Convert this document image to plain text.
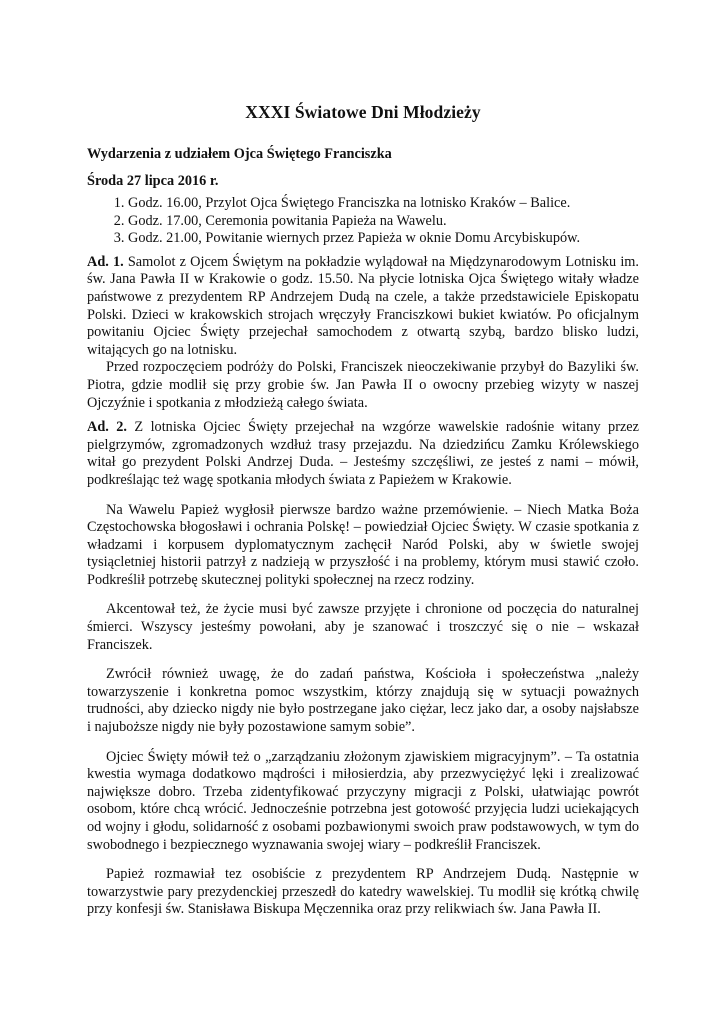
XXXI Światowe Dni Młodzieży
Wydarzenia z udziałem Ojca Świętego Franciszka
Środa 27 lipca 2016 r.
1. Godz. 16.00, Przylot Ojca Świętego Franciszka na lotnisko Kraków – Balice.
2. Godz. 17.00, Ceremonia powitania Papieża na Wawelu.
3. Godz. 21.00, Powitanie wiernych przez Papieża w oknie Domu Arcybiskupów.

Ad. 1. Samolot z Ojcem Świętym na pokładzie wylądował na Międzynarodowym Lotnisku im. św. Jana Pawła II w Krakowie o godz. 15.50. Na płycie lotniska Ojca Świętego witały władze państwowe z prezydentem RP Andrzejem Dudą na czele, a także przedstawiciele Episkopatu Polski. Dzieci w krakowskich strojach wręczyły Franciszkowi bukiet kwiatów. Po oficjalnym powitaniu Ojciec Święty przejechał samochodem z otwartą szybą, bardzo blisko ludzi, witających go na lotnisku.

Przed rozpoczęciem podróży do Polski, Franciszek nieoczekiwanie przybył do Bazyliki św. Piotra, gdzie modlił się przy grobie św. Jan Pawła II o owocny przebieg wizyty w naszej Ojczyźnie i spotkania z młodzieżą całego świata.

Ad. 2. Z lotniska Ojciec Święty przejechał na wzgórze wawelskie radośnie witany przez pielgrzymów, zgromadzonych wzdłuż trasy przejazdu. Na dziedzińcu Zamku Królewskiego witał go prezydent Polski Andrzej Duda. – Jesteśmy szczęśliwi, ze jesteś z nami – mówił, podkreślając też wagę spotkania młodych świata z Papieżem w Krakowie.

Na Wawelu Papież wygłosił pierwsze bardzo ważne przemówienie. – Niech Matka Boża Częstochowska błogosławi i ochrania Polskę! – powiedział Ojciec Święty. W czasie spotkania z władzami i korpusem dyplomatycznym zachęcił Naród Polski, aby w świetle swojej tysiącletniej historii patrzył z nadzieją w przyszłość i na problemy, którym musi stawić czoło. Podkreślił potrzebę skutecznej polityki społecznej na rzecz rodziny.

Akcentował też, że życie musi być zawsze przyjęte i chronione od poczęcia do naturalnej śmierci. Wszyscy jesteśmy powołani, aby je szanować i troszczyć się o nie – wskazał Franciszek.

Zwrócił również uwagę, że do zadań państwa, Kościoła i społeczeństwa „należy towarzyszenie i konkretna pomoc wszystkim, którzy znajdują się w sytuacji poważnych trudności, aby dziecko nigdy nie było postrzegane jako ciężar, lecz jako dar, a osoby najsłabsze i najuboższe nigdy nie były pozostawione samym sobie”.

Ojciec Święty mówił też o „zarządzaniu złożonym zjawiskiem migracyjnym”. – Ta ostatnia kwestia wymaga dodatkowo mądrości i miłosierdzia, aby przezwyciężyć lęki i zrealizować największe dobro. Trzeba zidentyfikować przyczyny migracji z Polski, ułatwiając powrót osobom, które chcą wrócić. Jednocześnie potrzebna jest gotowość przyjęcia ludzi uciekających od wojny i głodu, solidarność z osobami pozbawionymi swoich praw podstawowych, w tym do swobodnego i bezpiecznego wyznawania swojej wiary – podkreślił Franciszek.

Papież rozmawiał tez osobiście z prezydentem RP Andrzejem Dudą. Następnie w towarzystwie pary prezydenckiej przeszedł do katedry wawelskiej. Tu modlił się krótką chwilę przy konfesji św. Stanisława Biskupa Męczennika oraz przy relikwiach św. Jana Pawła II.
